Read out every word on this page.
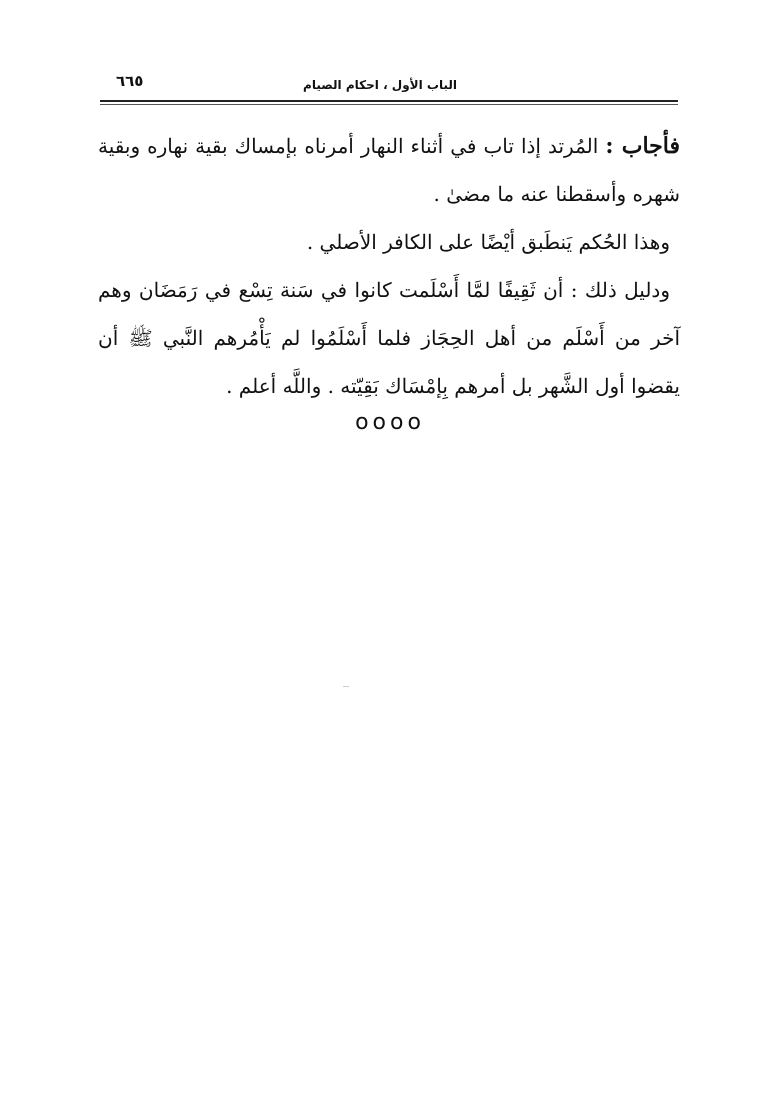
٦٦٥	الباب الأول ، احكام الصيام

فأجاب : المُرتد إذا تاب في أثناء النهار أمرناه بإمساك بقية نهاره وبقية شهره وأسقطنا عنه ما مضىٰ .

وهذا الحُكم يَنطَبق أيْضًا على الكافر الأصلي .

ودليل ذلك : أن ثَقِيفًا لمَّا أَسْلَمت كانوا في سَنة تِسْع في رَمَضَان وهم آخر من أَسْلَم من أهل الحِجَاز فلما أَسْلَمُوا لم يَأْمُرهم النَّبي ﷺ أن يقضوا أول الشَّهر بل أمرهم بِإمْسَاك بَقِيّته . واللَّه أعلم .

oooo
